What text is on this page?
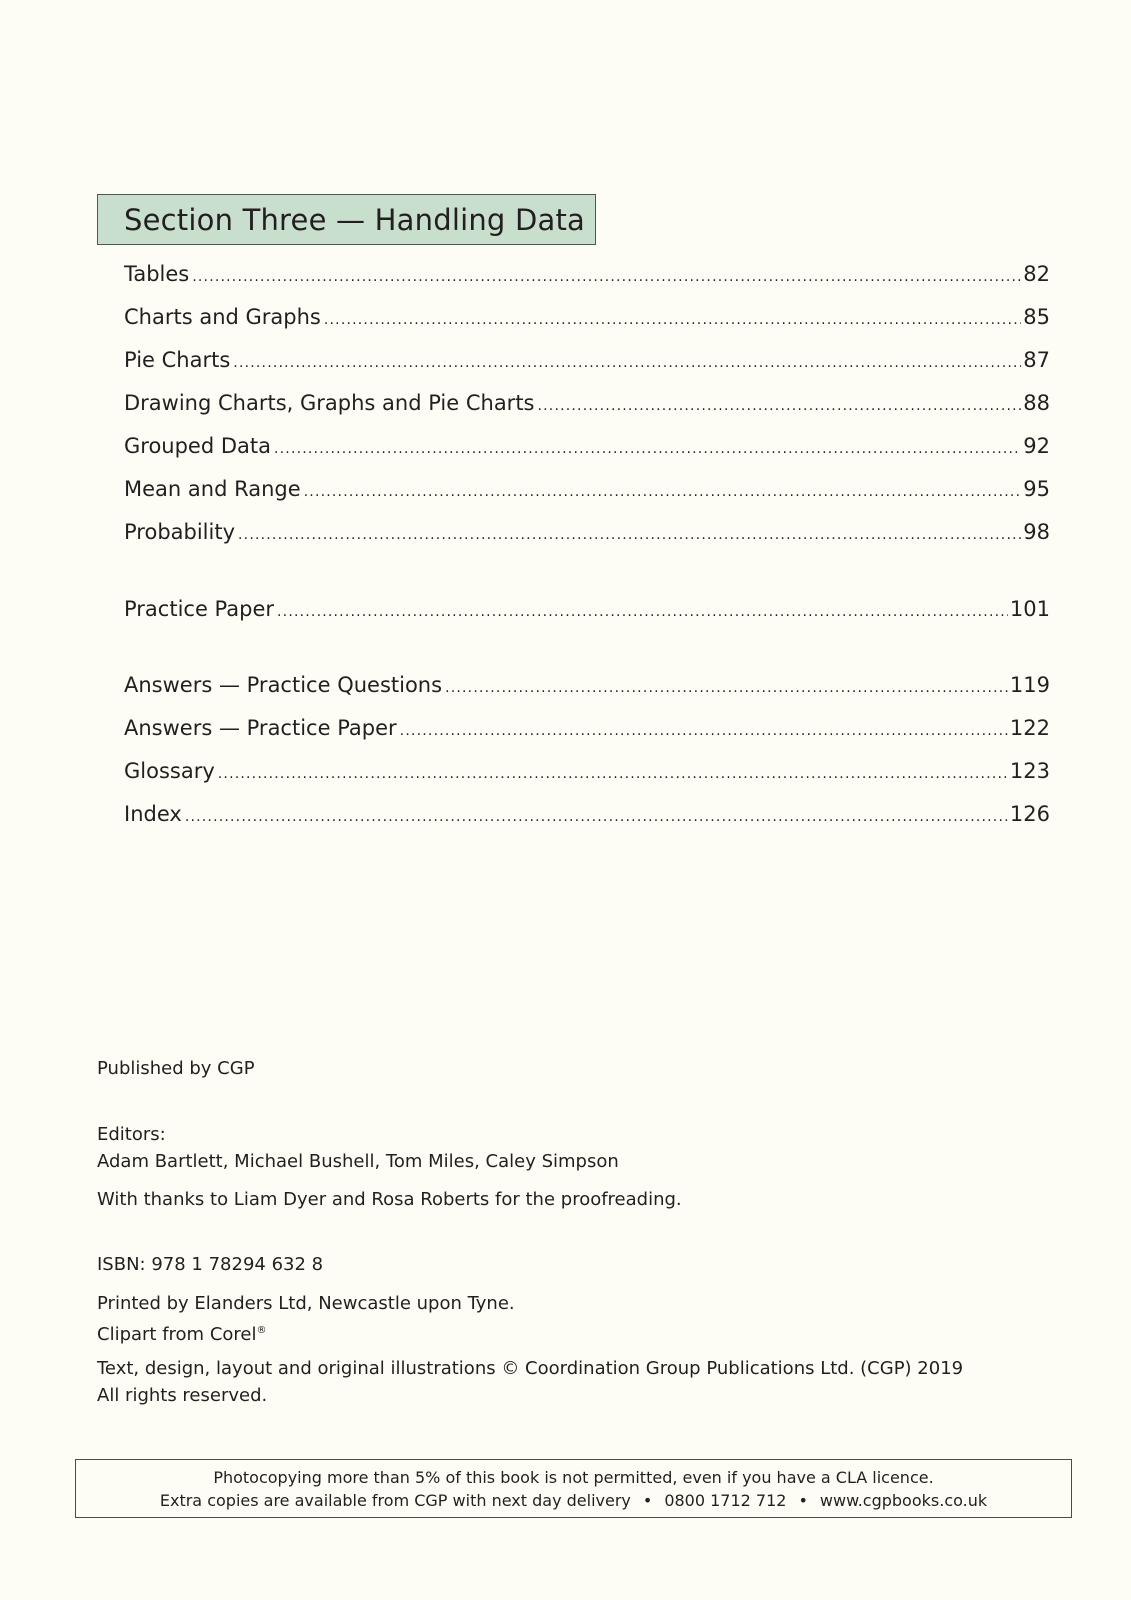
Section Three — Handling Data
Tables .....	82
Charts and Graphs .....	85
Pie Charts .....	87
Drawing Charts, Graphs and Pie Charts .....	88
Grouped Data .....	92
Mean and Range .....	95
Probability .....	98
Practice Paper .....	101
Answers — Practice Questions .....	119
Answers — Practice Paper .....	122
Glossary .....	123
Index .....	126
Published by CGP
Editors:
Adam Bartlett, Michael Bushell, Tom Miles, Caley Simpson
With thanks to Liam Dyer and Rosa Roberts for the proofreading.
ISBN: 978 1 78294 632 8
Printed by Elanders Ltd, Newcastle upon Tyne.
Clipart from Corel®
Text, design, layout and original illustrations © Coordination Group Publications Ltd. (CGP) 2019
All rights reserved.
Photocopying more than 5% of this book is not permitted, even if you have a CLA licence.
Extra copies are available from CGP with next day delivery • 0800 1712 712 • www.cgpbooks.co.uk
